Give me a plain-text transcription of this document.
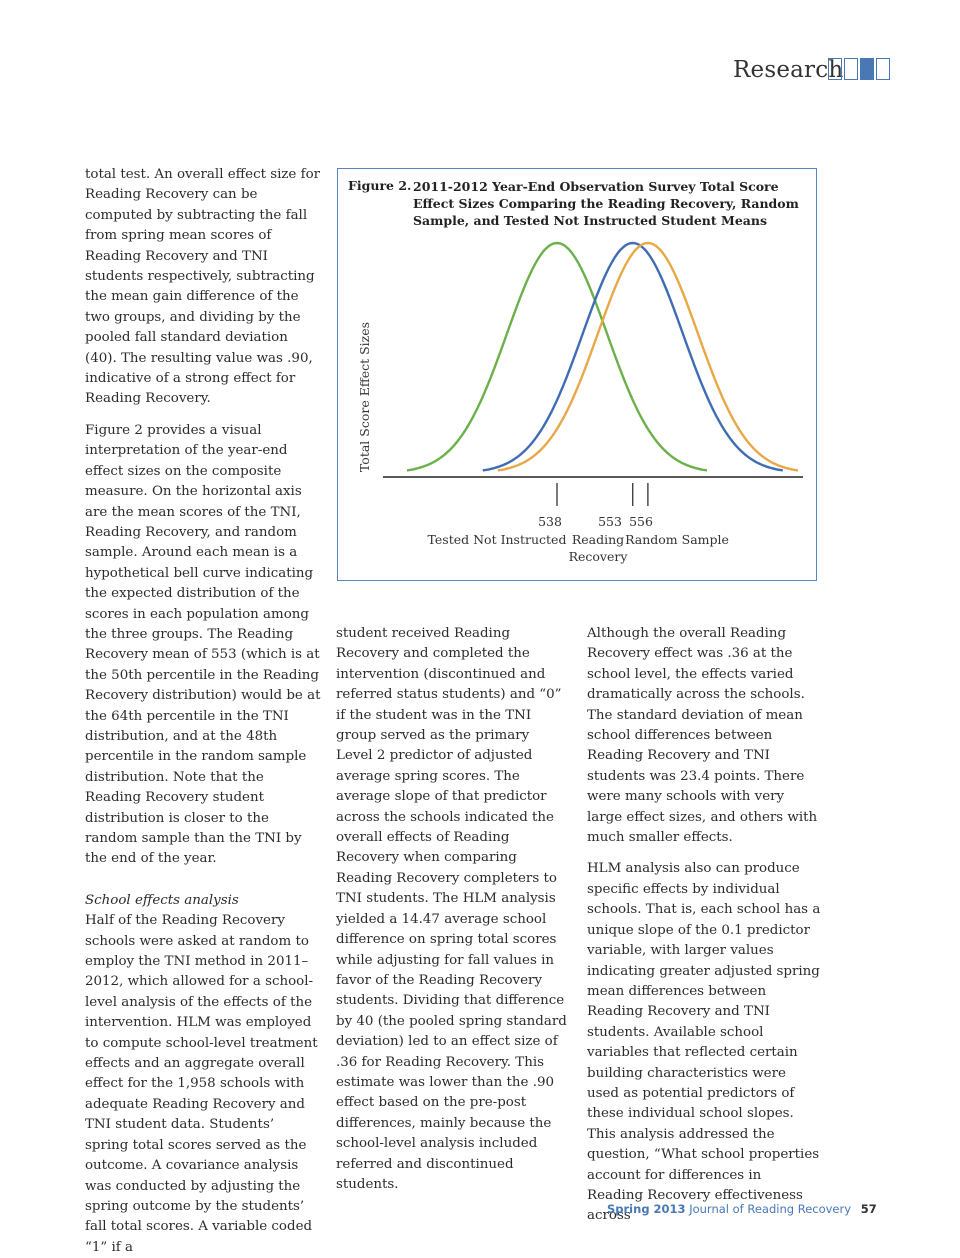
Research

total test. An overall effect size for Reading Recovery can be computed by subtracting the fall from spring mean scores of Reading Recovery and TNI students respectively, subtracting the mean gain difference of the two groups, and dividing by the pooled fall standard deviation (40). The resulting value was .90, indicative of a strong effect for Reading Recovery.

Figure 2 provides a visual interpretation of the year-end effect sizes on the composite measure. On the horizontal axis are the mean scores of the TNI, Reading Recovery, and random sample. Around each mean is a hypothetical bell curve indicating the expected distribution of the scores in each population among the three groups. The Reading Recovery mean of 553 (which is at the 50th percentile in the Reading Recovery distribution) would be at the 64th percentile in the TNI distribution, and at the 48th percentile in the random sample distribution. Note that the Reading Recovery student distribution is closer to the random sample than the TNI by the end of the year.

School effects analysis

Half of the Reading Recovery schools were asked at random to employ the TNI method in 2011–2012, which allowed for a school-level analysis of the effects of the intervention. HLM was employed to compute school-level treatment effects and an aggregate overall effect for the 1,958 schools with adequate Reading Recovery and TNI student data. Students’ spring total scores served as the outcome. A covariance analysis was conducted by adjusting the spring outcome by the students’ fall total scores. A variable coded “1” if a

Figure 2. 2011-2012 Year-End Observation Survey Total Score Effect Sizes Comparing the Reading Recovery, Random Sample, and Tested Not Instructed Student Means
Total Score Effect Sizes
538	553 556
Tested Not Instructed Reading
Recovery
Random Sample

student received Reading Recovery and completed the intervention (discontinued and referred status students) and “0” if the student was in the TNI group served as the primary Level 2 predictor of adjusted average spring scores. The average slope of that predictor across the schools indicated the overall effects of Reading Recovery when comparing Reading Recovery completers to TNI students. The HLM analysis yielded a 14.47 average school difference on spring total scores while adjusting for fall values in favor of the Reading Recovery students. Dividing that difference by 40 (the pooled spring standard deviation) led to an effect size of .36 for Reading Recovery. This estimate was lower than the .90 effect based on the pre-post differences, mainly because the school-level analysis included referred and discontinued students.

Although the overall Reading Recovery effect was .36 at the school level, the effects varied dramatically across the schools. The standard deviation of mean school differences between Reading Recovery and TNI students was 23.4 points. There were many schools with very large effect sizes, and others with much smaller effects.

HLM analysis also can produce specific effects by individual schools. That is, each school has a unique slope of the 0.1 predictor variable, with larger values indicating greater adjusted spring mean differences between Reading Recovery and TNI students. Available school variables that reflected certain building characteristics were used as potential predictors of these individual school slopes. This analysis addressed the question, “What school properties account for differences in Reading Recovery effectiveness across

Spring 2013 Journal of Reading Recovery 57
